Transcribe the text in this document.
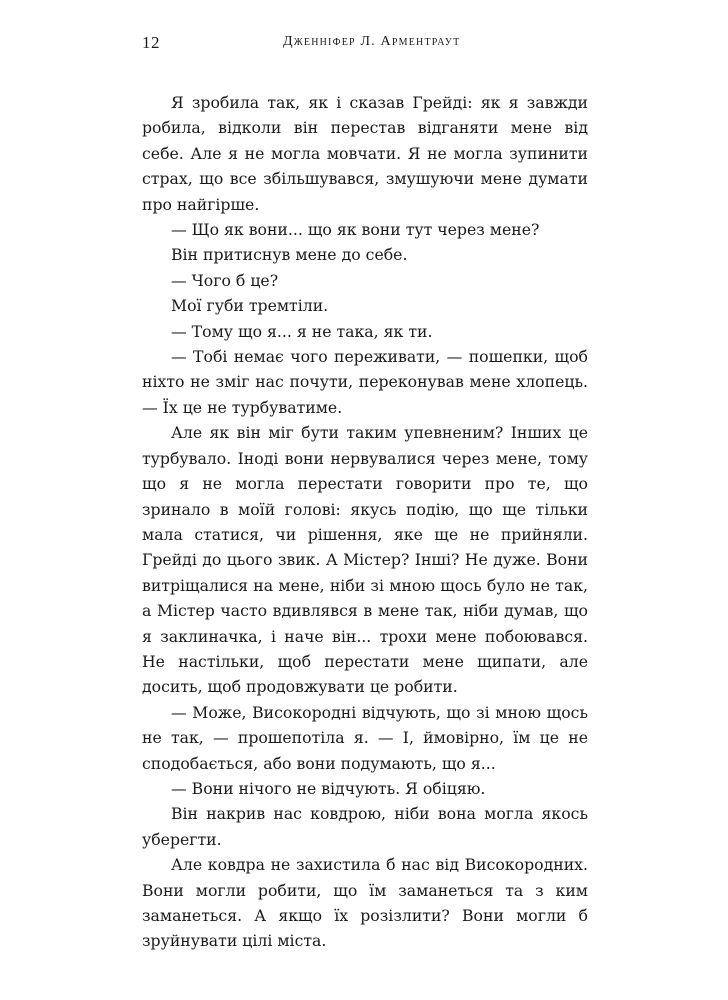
12	Дженніфер Л. Арментраут

Я зробила так, як і сказав Грейді: як я завжди робила, відколи він перестав відганяти мене від себе. Але я не могла мовчати. Я не могла зупинити страх, що все збільшувався, змушуючи мене думати про найгірше.

— Що як вони... що як вони тут через мене?

Він притиснув мене до себе.

— Чого б це?

Мої губи тремтіли.

— Тому що я... я не така, як ти.

— Тобі немає чого переживати, — пошепки, щоб ніхто не зміг нас почути, переконував мене хлопець. — Їх це не турбуватиме.

Але як він міг бути таким упевненим? Інших це турбувало. Іноді вони нервувалися через мене, тому що я не могла перестати говорити про те, що зринало в моїй голові: якусь подію, що ще тільки мала статися, чи рішення, яке ще не прийняли. Грейді до цього звик. А Містер? Інші? Не дуже. Вони витріщалися на мене, ніби зі мною щось було не так, а Містер часто вдивлявся в мене так, ніби думав, що я заклиначка, і наче він... трохи мене побоювався. Не настільки, щоб перестати мене щипати, але досить, щоб продовжувати це робити.

— Може, Високородні відчують, що зі мною щось не так, — прошепотіла я. — І, ймовірно, їм це не сподобається, або вони подумають, що я...

— Вони нічого не відчують. Я обіцяю.

Він накрив нас ковдрою, ніби вона могла якось уберегти.

Але ковдра не захистила б нас від Високородних. Вони могли робити, що їм заманеться та з ким заманеться. А якщо їх розізлити? Вони могли б зруйнувати цілі міста.
